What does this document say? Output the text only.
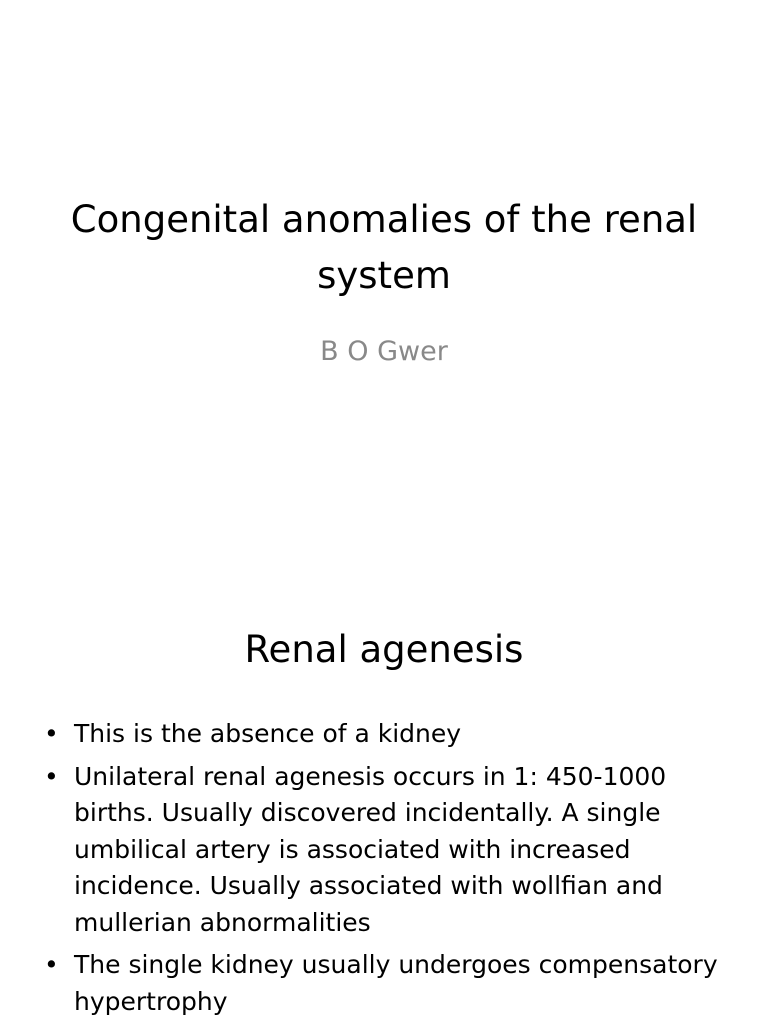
Congenital anomalies of the renal system
B O Gwer
Renal agenesis
• This is the absence of a kidney
• Unilateral renal agenesis occurs in 1: 450-1000 births. Usually discovered incidentally. A single umbilical artery is associated with increased incidence. Usually associated with wollfian and mullerian abnormalities
• The single kidney usually undergoes compensatory hypertrophy
